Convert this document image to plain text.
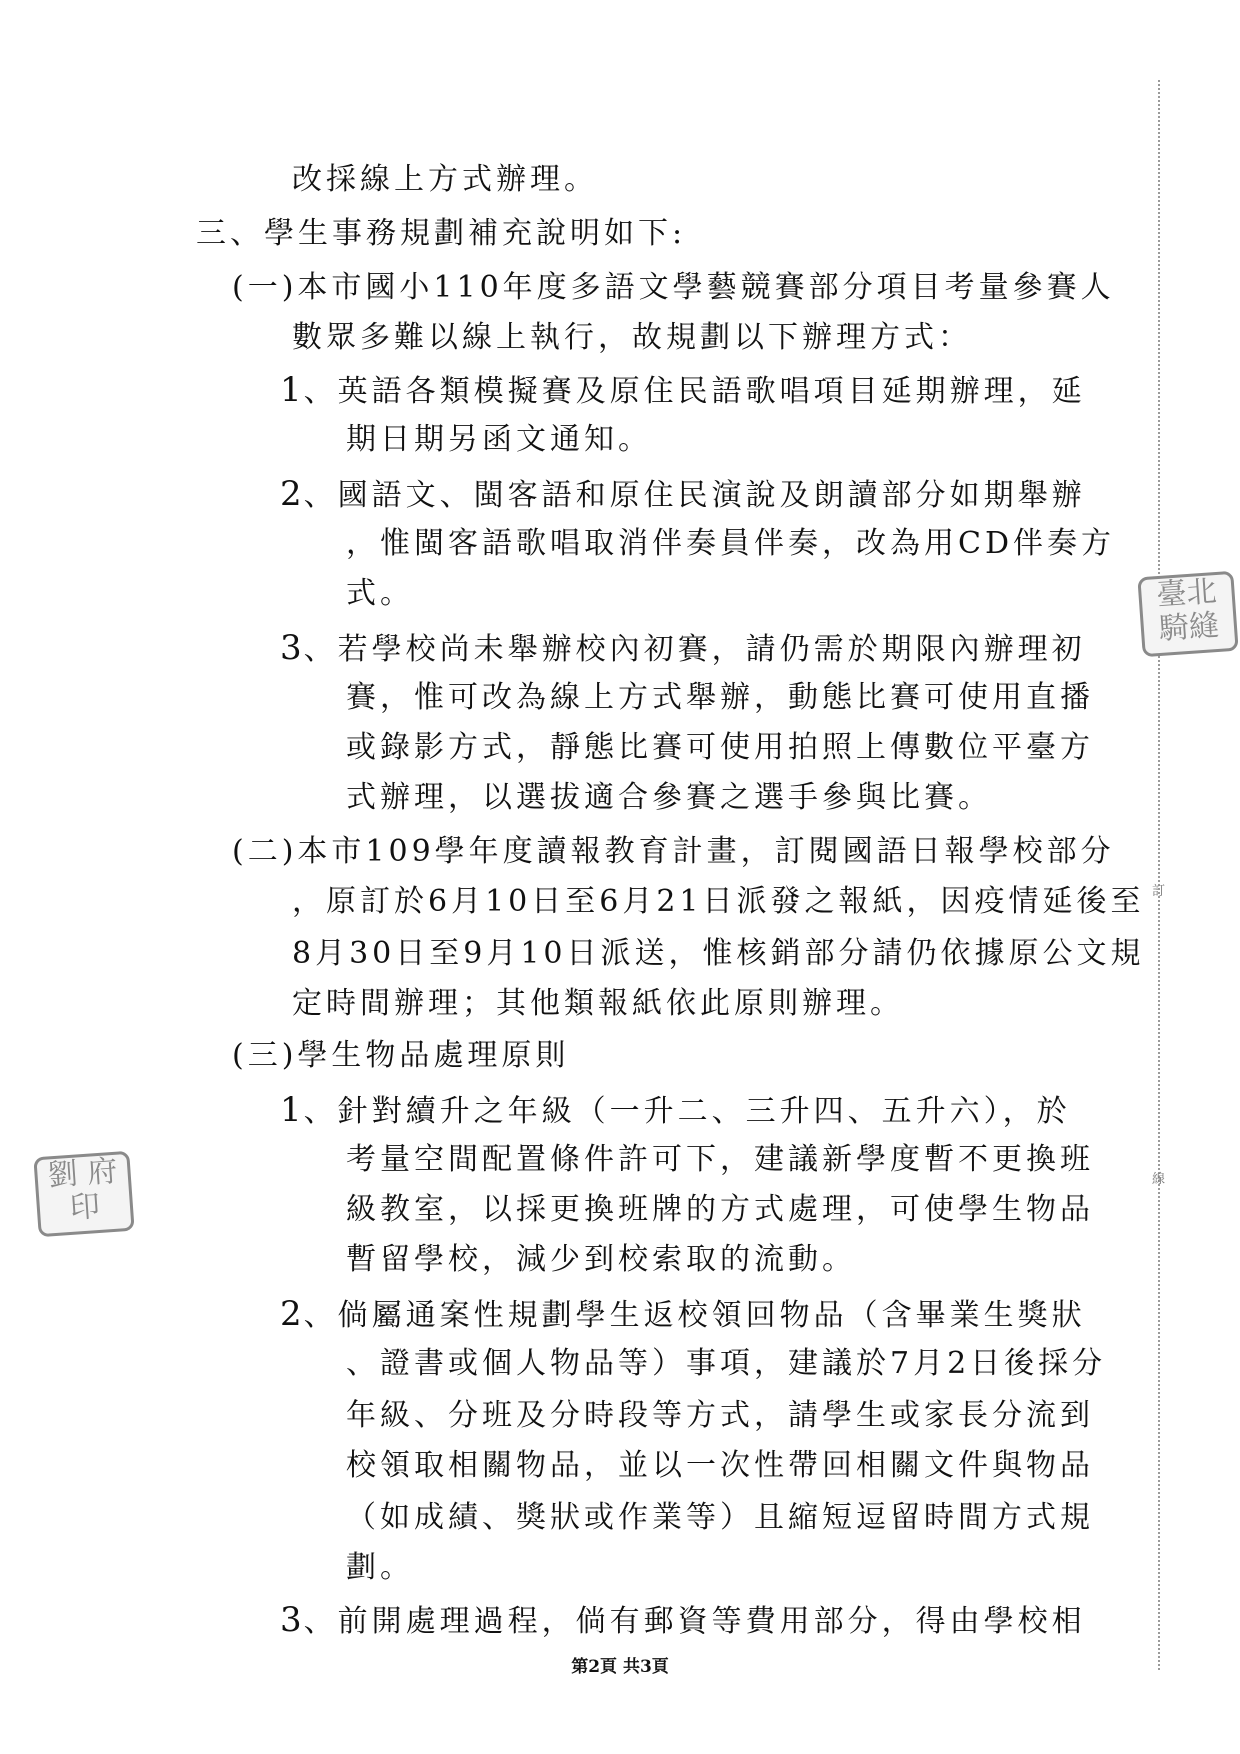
改採線上方式辦理。
三、學生事務規劃補充說明如下:
(一)本市國小110年度多語文學藝競賽部分項目考量參賽人
數眾多難以線上執行，故規劃以下辦理方式：
1、英語各類模擬賽及原住民語歌唱項目延期辦理，延
期日期另函文通知。
2、國語文、閩客語和原住民演說及朗讀部分如期舉辦
，惟閩客語歌唱取消伴奏員伴奏，改為用CD伴奏方
式。
3、若學校尚未舉辦校內初賽，請仍需於期限內辦理初
賽，惟可改為線上方式舉辦，動態比賽可使用直播
或錄影方式，靜態比賽可使用拍照上傳數位平臺方
式辦理，以選拔適合參賽之選手參與比賽。
(二)本市109學年度讀報教育計畫，訂閱國語日報學校部分
，原訂於6月10日至6月21日派發之報紙，因疫情延後至
8月30日至9月10日派送，惟核銷部分請仍依據原公文規
定時間辦理；其他類報紙依此原則辦理。
(三)學生物品處理原則
1、針對續升之年級（一升二、三升四、五升六），於
考量空間配置條件許可下，建議新學度暫不更換班
級教室，以採更換班牌的方式處理，可使學生物品
暫留學校，減少到校索取的流動。
2、倘屬通案性規劃學生返校領回物品（含畢業生獎狀
、證書或個人物品等）事項，建議於7月2日後採分
年級、分班及分時段等方式，請學生或家長分流到
校領取相關物品，並以一次性帶回相關文件與物品
（如成績、獎狀或作業等）且縮短逗留時間方式規
劃。
3、前開處理過程，倘有郵資等費用部分，得由學校相
第2頁 共3頁
訂
線
臺北 騎縫
劉 府 印
